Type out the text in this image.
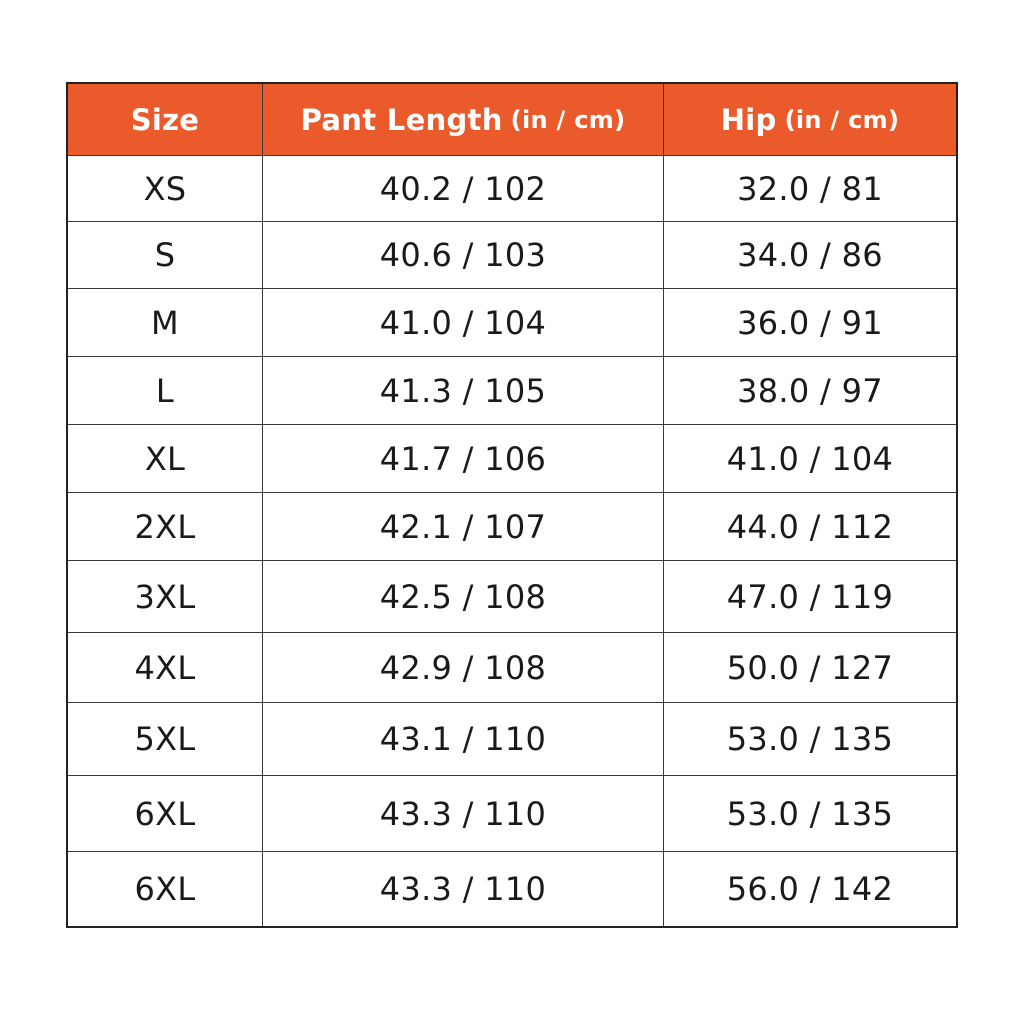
Size	Pant Length (in / cm)	Hip (in / cm)
XS	40.2 / 102	32.0 / 81
S	40.6 / 103	34.0 / 86
M	41.0 / 104	36.0 / 91
L	41.3 / 105	38.0 / 97
XL	41.7 / 106	41.0 / 104
2XL	42.1 / 107	44.0 / 112
3XL	42.5 / 108	47.0 / 119
4XL	42.9 / 108	50.0 / 127
5XL	43.1 / 110	53.0 / 135
6XL	43.3 / 110	53.0 / 135
6XL	43.3 / 110	56.0 / 142
